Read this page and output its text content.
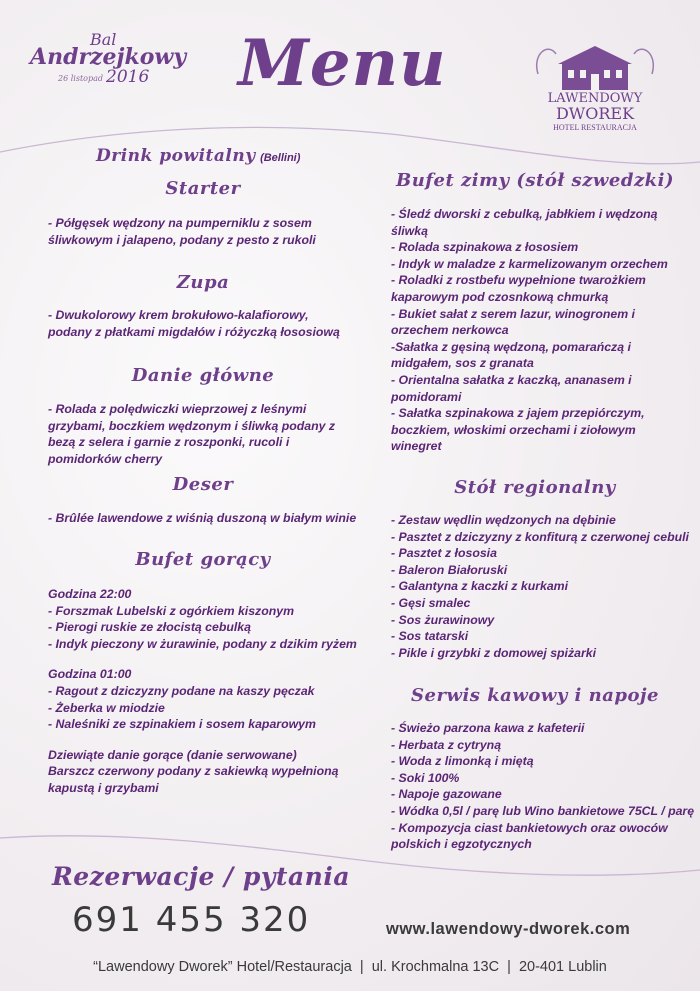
Bal
Andrzejkowy
26 listopad 2016 Menu	LAWENDOWY
DWOREK
HOTEL RESTAURACJA
Drink powitalny (Bellini)
Starter

- Półgęsek wędzony na pumperniklu z sosem

śliwkowym i jalapeno, podany z pesto z rukoli

Zupa

- Dwukolorowy krem brokułowo-kalafiorowy,

podany z płatkami migdałów i różyczką łososiową

Danie główne

- Rolada z polędwiczki wieprzowej z leśnymi

grzybami, boczkiem wędzonym i śliwką podany z

bezą z selera i garnie z roszponki, rucoli i

pomidorków cherry

Deser

- Brûlée lawendowe z wiśnią duszoną w białym winie

Bufet gorący

Godzina 22:00

- Forszmak Lubelski z ogórkiem kiszonym

- Pierogi ruskie ze złocistą cebulką

- Indyk pieczony w żurawinie, podany z dzikim ryżem

Godzina 01:00

- Ragout z dziczyzny podane na kaszy pęczak

- Żeberka w miodzie

- Naleśniki ze szpinakiem i sosem kaparowym

Dziewiąte danie gorące (danie serwowane)

Barszcz czerwony podany z sakiewką wypełnioną

kapustą i grzybami

Bufet zimy (stół szwedzki)

- Śledź dworski z cebulką, jabłkiem i wędzoną

śliwką

- Rolada szpinakowa z łososiem

- Indyk w maladze z karmelizowanym orzechem

- Roladki z rostbefu wypełnione twarożkiem

kaparowym pod czosnkową chmurką

- Bukiet sałat z serem lazur, winogronem i

orzechem nerkowca

-Sałatka z gęsiną wędzoną, pomarańczą i

midgałem, sos z granata

- Orientalna sałatka z kaczką, ananasem i

pomidorami

- Sałatka szpinakowa z jajem przepiórczym,

boczkiem, włoskimi orzechami i ziołowym

winegret

Stół regionalny

- Zestaw wędlin wędzonych na dębinie

- Pasztet z dziczyzny z konfiturą z czerwonej cebuli

- Pasztet z łososia

- Baleron Białoruski

- Galantyna z kaczki z kurkami

- Gęsi smalec

- Sos żurawinowy

- Sos tatarski

- Pikle i grzybki z domowej spiżarki

Serwis kawowy i napoje

- Świeżo parzona kawa z kafeterii

- Herbata z cytryną

- Woda z limonką i miętą

- Soki 100%

- Napoje gazowane

- Wódka 0,5l / parę lub Wino bankietowe 75CL / parę

- Kompozycja ciast bankietowych oraz owoców

polskich i egzotycznych

Rezerwacje / pytania
691 455 320	www.lawendowy-dworek.com
“Lawendowy Dworek” Hotel/Restauracja  |  ul. Krochmalna 13C  |  20-401 Lublin
